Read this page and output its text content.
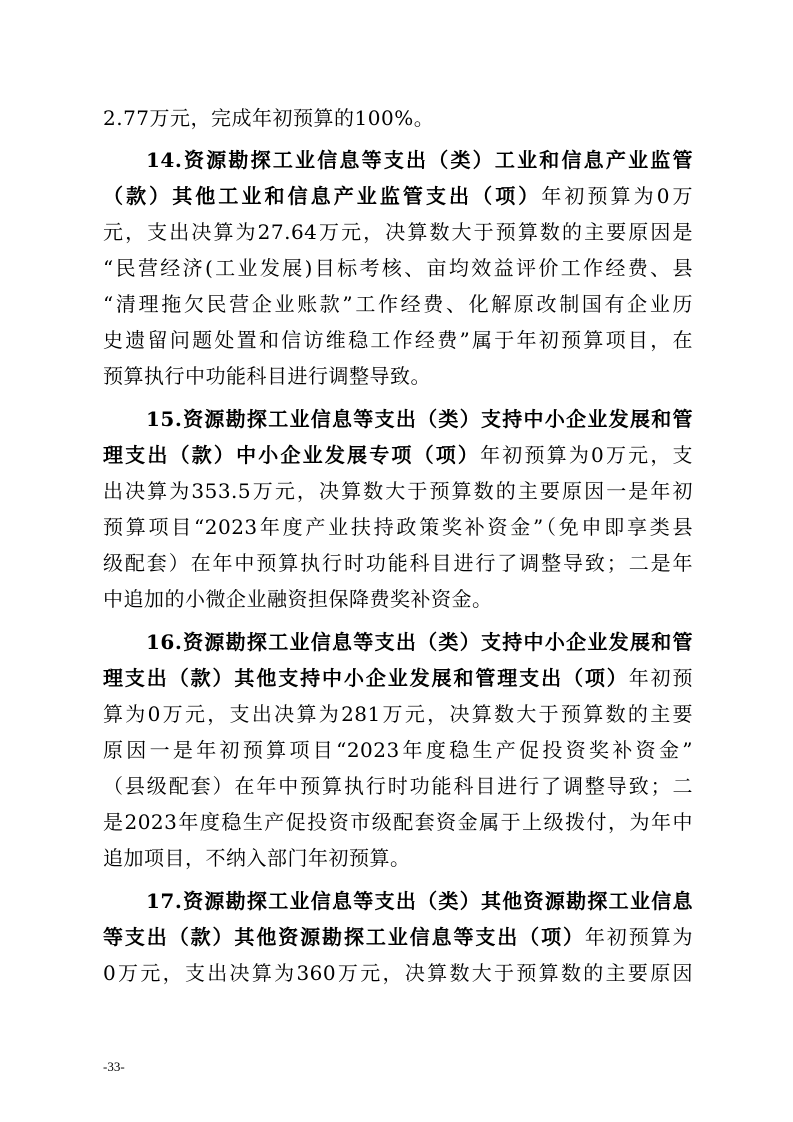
2.77万元，完成年初预算的100%。
14.资源勘探工业信息等支出（类）工业和信息产业监管
（款）其他工业和信息产业监管支出（项）年初预算为0万
元，支出决算为27.64万元，决算数大于预算数的主要原因是
“民营经济(工业发展)目标考核、亩均效益评价工作经费、县
“清理拖欠民营企业账款”工作经费、化解原改制国有企业历
史遗留问题处置和信访维稳工作经费”属于年初预算项目，在
预算执行中功能科目进行调整导致。
15.资源勘探工业信息等支出（类）支持中小企业发展和管
理支出（款）中小企业发展专项（项）年初预算为0万元，支
出决算为353.5万元，决算数大于预算数的主要原因一是年初
预算项目“2023年度产业扶持政策奖补资金”（免申即享类县
级配套）在年中预算执行时功能科目进行了调整导致；二是年
中追加的小微企业融资担保降费奖补资金。
16.资源勘探工业信息等支出（类）支持中小企业发展和管
理支出（款）其他支持中小企业发展和管理支出（项）年初预
算为0万元，支出决算为281万元，决算数大于预算数的主要
原因一是年初预算项目“2023年度稳生产促投资奖补资金”
（县级配套）在年中预算执行时功能科目进行了调整导致；二
是2023年度稳生产促投资市级配套资金属于上级拨付，为年中
追加项目，不纳入部门年初预算。
17.资源勘探工业信息等支出（类）其他资源勘探工业信息
等支出（款）其他资源勘探工业信息等支出（项）年初预算为
0万元，支出决算为360万元，决算数大于预算数的主要原因
-33-
